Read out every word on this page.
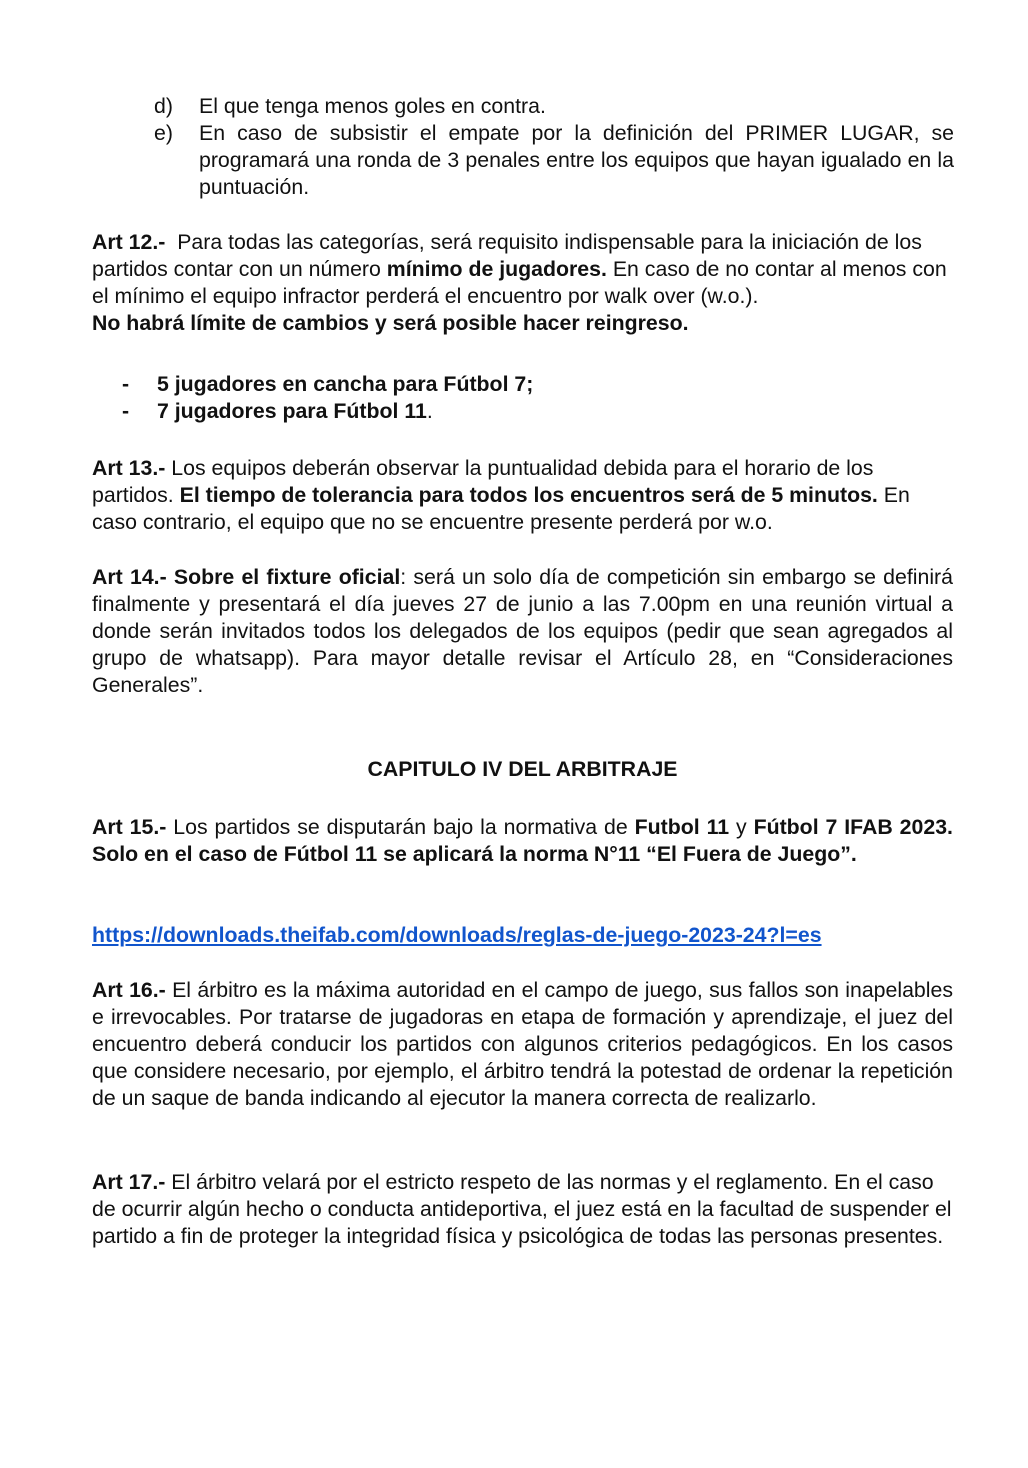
d)	El que tenga menos goles en contra.
e)	En caso de subsistir el empate por la definición del PRIMER LUGAR, se programará una ronda de 3 penales entre los equipos que hayan igualado en la puntuación.

Art 12.- Para todas las categorías, será requisito indispensable para la iniciación de los partidos contar con un número mínimo de jugadores. En caso de no contar al menos con el mínimo el equipo infractor perderá el encuentro por walk over (w.o.).
No habrá límite de cambios y será posible hacer reingreso.

-	5 jugadores en cancha para Fútbol 7;
-	7 jugadores para Fútbol 11.

Art 13.- Los equipos deberán observar la puntualidad debida para el horario de los partidos. El tiempo de tolerancia para todos los encuentros será de 5 minutos. En caso contrario, el equipo que no se encuentre presente perderá por w.o.

Art 14.- Sobre el fixture oficial: será un solo día de competición sin embargo se definirá finalmente y presentará el día jueves 27 de junio a las 7.00pm en una reunión virtual a donde serán invitados todos los delegados de los equipos (pedir que sean agregados al grupo de whatsapp). Para mayor detalle revisar el Artículo 28, en “Consideraciones Generales”.

CAPITULO IV DEL ARBITRAJE

Art 15.- Los partidos se disputarán bajo la normativa de Futbol 11 y Fútbol 7 IFAB 2023. Solo en el caso de Fútbol 11 se aplicará la norma N°11 “El Fuera de Juego”.

https://downloads.theifab.com/downloads/reglas-de-juego-2023-24?l=es

Art 16.- El árbitro es la máxima autoridad en el campo de juego, sus fallos son inapelables e irrevocables. Por tratarse de jugadoras en etapa de formación y aprendizaje, el juez del encuentro deberá conducir los partidos con algunos criterios pedagógicos. En los casos que considere necesario, por ejemplo, el árbitro tendrá la potestad de ordenar la repetición de un saque de banda indicando al ejecutor la manera correcta de realizarlo.

Art 17.- El árbitro velará por el estricto respeto de las normas y el reglamento. En el caso de ocurrir algún hecho o conducta antideportiva, el juez está en la facultad de suspender el partido a fin de proteger la integridad física y psicológica de todas las personas presentes.
